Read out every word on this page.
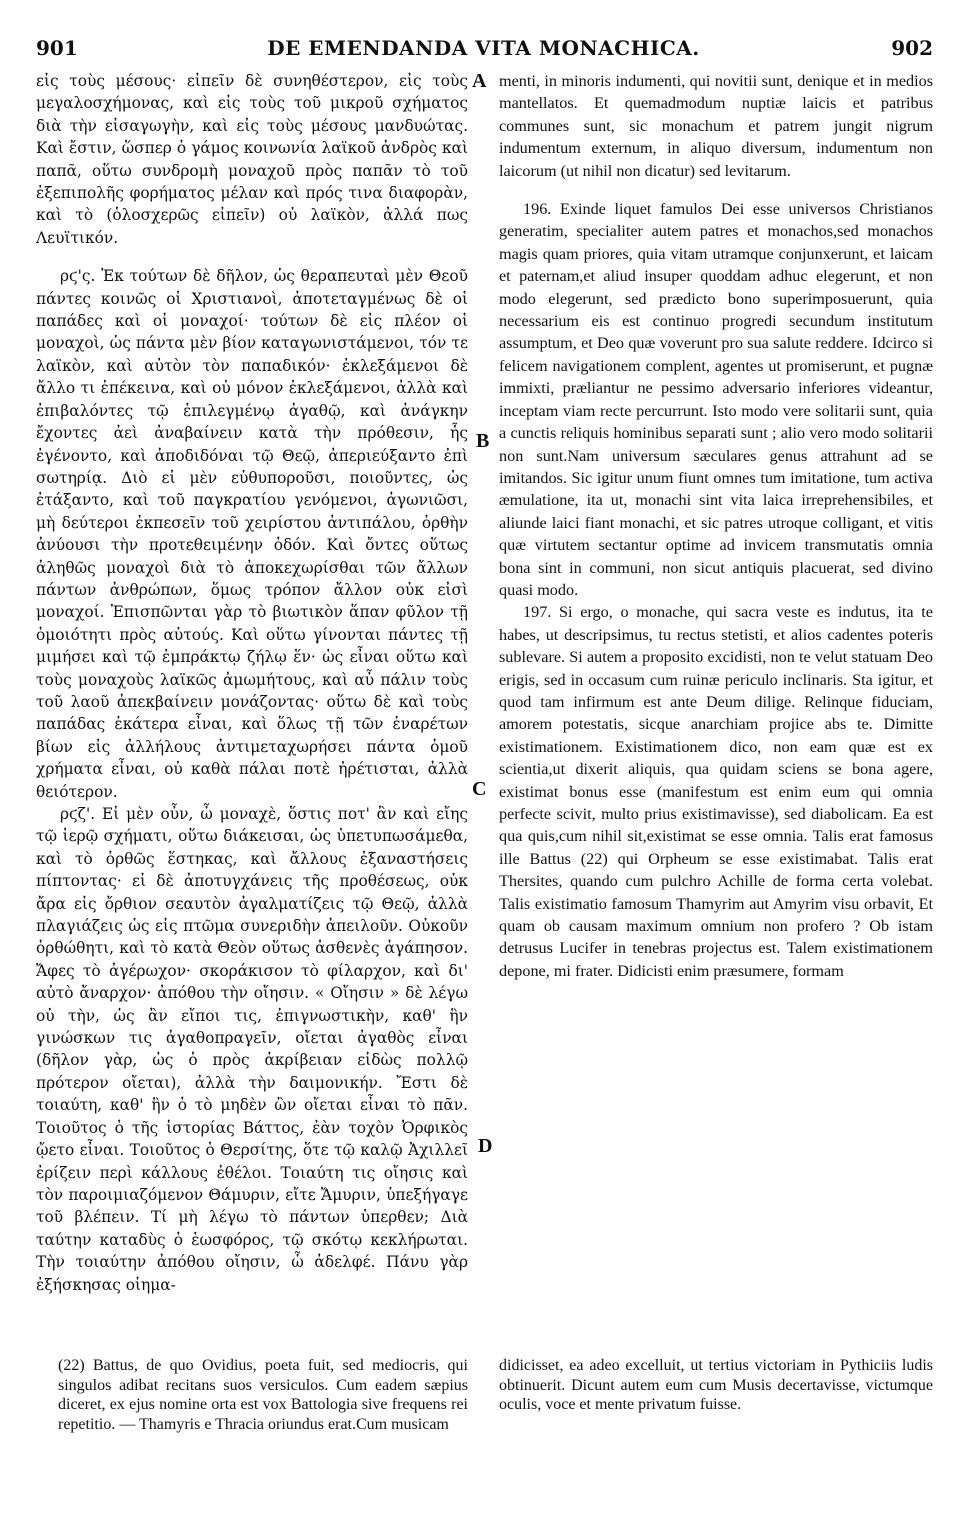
901	DE EMENDANDA VITA MONACHICA.	902

εἰς τοὺς μέσους· εἰπεῖν δὲ συνηθέστερον, εἰς τοὺς μεγαλοσχήμονας, καὶ εἰς τοὺς τοῦ μικροῦ σχήματος διὰ τὴν εἰσαγωγὴν, καὶ εἰς τοὺς μέσους μανδυώτας. Καὶ ἔστιν, ὥσπερ ὁ γάμος κοινωνία λαϊκοῦ ἀνδρὸς καὶ παπᾶ, οὕτω συνδρομὴ μοναχοῦ πρὸς παπᾶν τὸ τοῦ ἐξεπιπολῆς φορήματος μέλαν καὶ πρός τινα διαφορὰν, καὶ τὸ (ὁλοσχερῶς εἰπεῖν) οὐ λαϊκὸν, ἀλλά πως Λευϊτικόν.

ρϛ'ς. Ἐκ τούτων δὲ δῆλον, ὡς θεραπευταὶ μὲν Θεοῦ πάντες κοινῶς οἱ Χριστιανοὶ, ἀποτεταγμένως δὲ οἱ παπάδες καὶ οἱ μοναχοί· τούτων δὲ εἰς πλέον οἱ μοναχοὶ, ὡς πάντα μὲν βίον καταγωνιστάμενοι, τόν τε λαϊκὸν, καὶ αὐτὸν τὸν παπαδικόν· ἐκλεξάμενοι δὲ ἄλλο τι ἐπέκεινα, καὶ οὐ μόνον ἐκλεξάμενοι, ἀλλὰ καὶ ἐπιβαλόντες τῷ ἐπιλεγμένῳ ἀγαθῷ, καὶ ἀνάγκην ἔχοντες ἀεὶ ἀναβαίνειν κατὰ τὴν πρόθεσιν, ἧς ἐγένοντο, καὶ ἀποδιδόναι τῷ Θεῷ, ἀπεριεύξαντο ἐπὶ σωτηρίᾳ. Διὸ εἰ μὲν εὐθυποροῦσι, ποιοῦντες, ὡς ἐτάξαντο, καὶ τοῦ παγκρατίου γενόμενοι, ἀγωνιῶσι, μὴ δεύτεροι ἐκπεσεῖν τοῦ χειρίστου ἀντιπάλου, ὀρθὴν ἀνύουσι τὴν προτεθειμένην ὁδόν. Καὶ ὄντες οὕτως ἀληθῶς μοναχοὶ διὰ τὸ ἀποκεχωρίσθαι τῶν ἄλλων πάντων ἀνθρώπων, ὅμως τρόπον ἄλλον οὐκ εἰσὶ μοναχοί. Ἐπισπῶνται γὰρ τὸ βιωτικὸν ἅπαν φῦλον τῇ ὁμοιότητι πρὸς αὐτούς. Καὶ οὕτω γίνονται πάντες τῇ μιμήσει καὶ τῷ ἐμπράκτῳ ζήλῳ ἕν· ὡς εἶναι οὕτω καὶ τοὺς μοναχοὺς λαϊκῶς ἀμωμήτους, καὶ αὖ πάλιν τοὺς τοῦ λαοῦ ἀπεκβαίνειν μονάζοντας· οὕτω δὲ καὶ τοὺς παπάδας ἑκάτερα εἶναι, καὶ ὅλως τῇ τῶν ἐναρέτων βίων εἰς ἀλλήλους ἀντιμεταχωρήσει πάντα ὁμοῦ χρήματα εἶναι, οὐ καθὰ πάλαι ποτὲ ἠρέτισται, ἀλλὰ θειότερον.

ρϛζ'. Εἰ μὲν οὖν, ὦ μοναχὲ, ὅστις ποτ' ἂν καὶ εἴης τῷ ἱερῷ σχήματι, οὕτω διάκεισαι, ὡς ὑπετυπωσάμεθα, καὶ τὸ ὀρθῶς ἕστηκας, καὶ ἄλλους ἐξαναστήσεις πίπτοντας· εἰ δὲ ἀποτυγχάνεις τῆς προθέσεως, οὐκ ἄρα εἰς ὄρθιον σεαυτὸν ἀγαλματίζεις τῷ Θεῷ, ἀλλὰ πλαγιάζεις ὡς εἰς πτῶμα συνεριδὴν ἀπειλοῦν. Οὐκοῦν ὀρθώθητι, καὶ τὸ κατὰ Θεὸν οὕτως ἀσθενὲς ἀγάπησον. Ἄφες τὸ ἀγέρωχον· σκοράκισον τὸ φίλαρχον, καὶ δι' αὐτὸ ἄναρχον· ἀπόθου τὴν οἴησιν. « Οἴησιν » δὲ λέγω οὐ τὴν, ὡς ἂν εἴποι τις, ἐπιγνωστικὴν, καθ' ἣν γινώσκων τις ἀγαθοπραγεῖν, οἴεται ἀγαθὸς εἶναι (δῆλον γὰρ, ὡς ὁ πρὸς ἀκρίβειαν εἰδὼς πολλῷ πρότερον οἴεται), ἀλλὰ τὴν δαιμονικήν. Ἔστι δὲ τοιαύτη, καθ' ἣν ὁ τὸ μηδὲν ὢν οἴεται εἶναι τὸ πᾶν. Τοιοῦτος ὁ τῆς ἱστορίας Βάττος, ἐὰν τοχὸν Ὀρφικὸς ᾤετο εἶναι. Τοιοῦτος ὁ Θερσίτης, ὅτε τῷ καλῷ Ἀχιλλεῖ ἐρίζειν περὶ κάλλους ἐθέλοι. Τοιαύτη τις οἴησις καὶ τὸν παροιμιαζόμενον Θάμυριν, εἴτε Ἄμυριν, ὑπεξήγαγε τοῦ βλέπειν. Τί μὴ λέγω τὸ πάντων ὑπερθεν; Διὰ ταύτην καταδὺς ὁ ἑωσφόρος, τῷ σκότῳ κεκλήρωται. Τὴν τοιαύτην ἀπόθου οἴησιν, ὦ ἀδελφέ. Πάνυ γὰρ ἐξήσκησας οἰημα-

A
B
C
D

menti, in minoris indumenti, qui novitii sunt, denique et in medios mantellatos. Et quemadmodum nuptiæ laicis et patribus communes sunt, sic monachum et patrem jungit nigrum indumentum externum, in aliquo diversum, indumentum non laicorum (ut nihil non dicatur) sed levitarum.

196. Exinde liquet famulos Dei esse universos Christianos generatim, specialiter autem patres et monachos,sed monachos magis quam priores, quia vitam utramque conjunxerunt, et laicam et paternam,et aliud insuper quoddam adhuc elegerunt, et non modo elegerunt, sed prædicto bono superimposuerunt, quia necessarium eis est continuo progredi secundum institutum assumptum, et Deo quæ voverunt pro sua salute reddere. Idcirco si felicem navigationem complent, agentes ut promiserunt, et pugnæ immixti, præliantur ne pessimo adversario inferiores videantur, inceptam viam recte percurrunt. Isto modo vere solitarii sunt, quia a cunctis reliquis hominibus separati sunt ; alio vero modo solitarii non sunt.Nam universum sæculares genus attrahunt ad se imitandos. Sic igitur unum fiunt omnes tum imitatione, tum activa æmulatione, ita ut, monachi sint vita laica irreprehensibiles, et aliunde laici fiant monachi, et sic patres utroque colligant, et vitis quæ virtutem sectantur optime ad invicem transmutatis omnia bona sint in communi, non sicut antiquis placuerat, sed divino quasi modo.

197. Si ergo, o monache, qui sacra veste es indutus, ita te habes, ut descripsimus, tu rectus stetisti, et alios cadentes poteris sublevare. Si autem a proposito excidisti, non te velut statuam Deo erigis, sed in occasum cum ruinæ periculo inclinaris. Sta igitur, et quod tam infirmum est ante Deum dilige. Relinque fiduciam, amorem potestatis, sicque anarchiam projice abs te. Dimitte existimationem. Existimationem dico, non eam quæ est ex scientia,ut dixerit aliquis, qua quidam sciens se bona agere, existimat bonus esse (manifestum est enim eum qui omnia perfecte scivit, multo prius existimavisse), sed diabolicam. Ea est qua quis,cum nihil sit,existimat se esse omnia. Talis erat famosus ille Battus (22) qui Orpheum se esse existimabat. Talis erat Thersites, quando cum pulchro Achille de forma certa volebat. Talis existimatio famosum Thamyrim aut Amyrim visu orbavit, Et quam ob causam maximum omnium non profero ? Ob istam detrusus Lucifer in tenebras projectus est. Talem existimationem depone, mi frater. Didicisti enim præsumere, formam

(22) Battus, de quo Ovidius, poeta fuit, sed mediocris, qui singulos adibat recitans suos versiculos. Cum eadem sæpius diceret, ex ejus nomine orta est vox Battologia sive frequens rei repetitio. — Thamyris e Thracia oriundus erat.Cum musicam

didicisset, ea adeo excelluit, ut tertius victoriam in Pythiciis ludis obtinuerit. Dicunt autem eum cum Musis decertavisse, victumque oculis, voce et mente privatum fuisse.
